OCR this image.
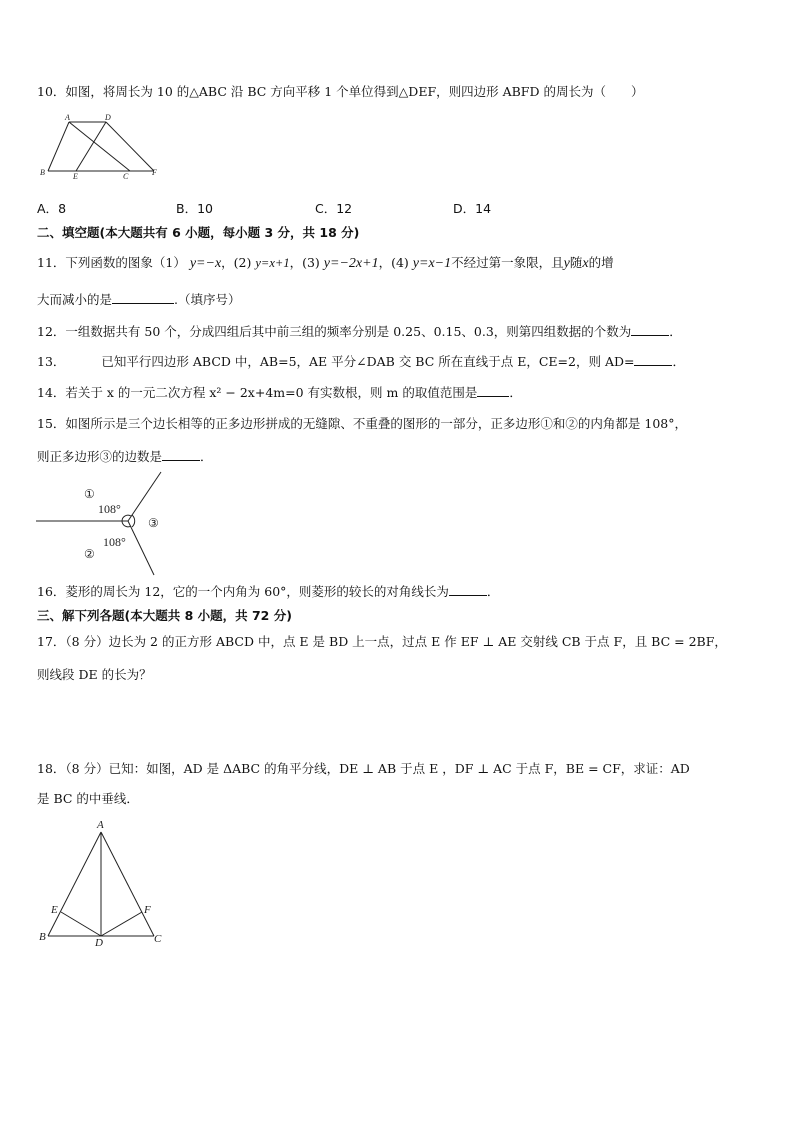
10．如图，将周长为 10 的△ABC 沿 BC 方向平移 1 个单位得到△DEF，则四边形 ABFD 的周长为（　　）
A	D
B	E	C	F
A．8	B．10	C．12	D．14
二、填空题(本大题共有 6 小题，每小题 3 分，共 18 分)
11．下列函数的图象（1） y=−x，(2) y=x+1，(3) y=−2x+1，(4) y=x−1不经过第一象限，且y随x的增
大而减小的是	.（填序号）
12．一组数据共有 50 个，分成四组后其中前三组的频率分别是 0.25、0.15、0.3，则第四组数据的个数为	．
13．	已知平行四边形 ABCD 中，AB=5，AE 平分∠DAB 交 BC 所在直线于点 E，CE=2，则 AD=	．
14．若关于 x 的一元二次方程 x² − 2x+4m=0 有实数根，则 m 的取值范围是	．
15．如图所示是三个边长相等的正多边形拼成的无缝隙、不重叠的图形的一部分，正多边形①和②的内角都是 108°，
则正多边形③的边数是	．
①
108°
③
108°
②
16．菱形的周长为 12，它的一个内角为 60°，则菱形的较长的对角线长为	．
三、解下列各题(本大题共 8 小题，共 72 分)
17．（8 分）边长为 2 的正方形 ABCD 中，点 E 是 BD 上一点，过点 E 作 EF ⊥ AE 交射线 CB 于点 F，且 BC = 2BF，
则线段 DE 的长为？
18．（8 分）已知：如图，AD 是 ΔABC 的角平分线，DE ⊥ AB 于点 E ，DF ⊥ AC 于点 F，BE = CF，求证：AD
是 BC 的中垂线．
A
E	F
B	C
D
